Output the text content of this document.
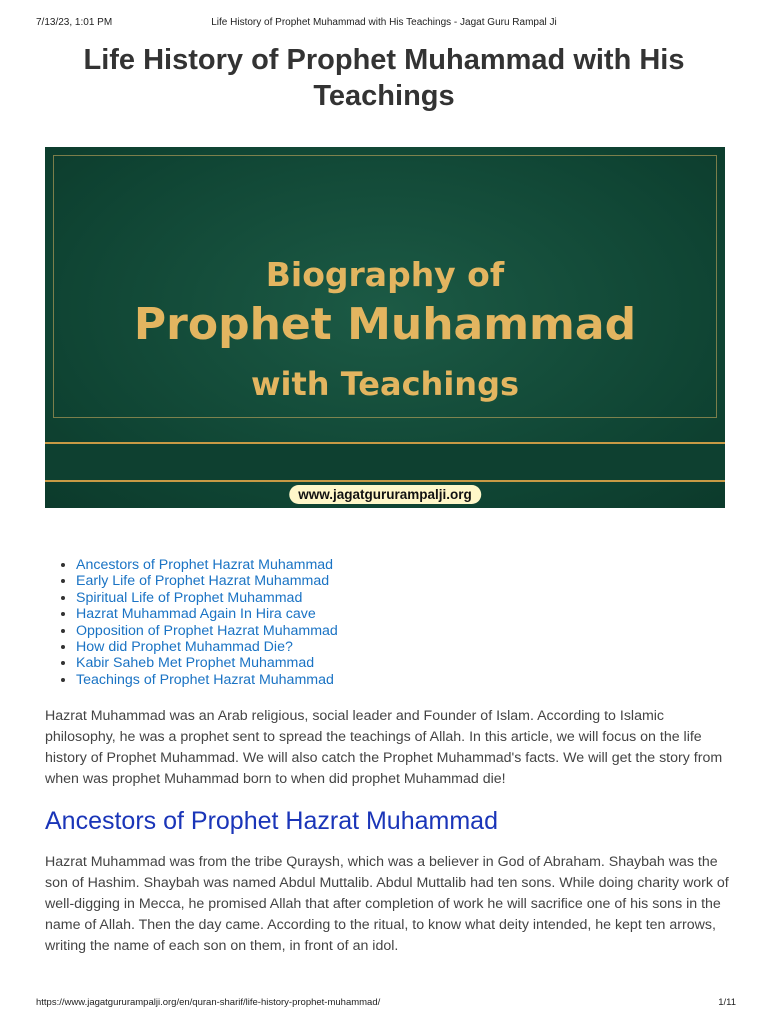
7/13/23, 1:01 PM	Life History of Prophet Muhammad with His Teachings - Jagat Guru Rampal Ji
Life History of Prophet Muhammad with His Teachings
Biography of
Prophet Muhammad
with Teachings
www.jagatgururampalji.org
• Ancestors of Prophet Hazrat Muhammad
• Early Life of Prophet Hazrat Muhammad
• Spiritual Life of Prophet Muhammad
• Hazrat Muhammad Again In Hira cave
• Opposition of Prophet Hazrat Muhammad
• How did Prophet Muhammad Die?
• Kabir Saheb Met Prophet Muhammad
• Teachings of Prophet Hazrat Muhammad

Hazrat Muhammad was an Arab religious, social leader and Founder of Islam. According to Islamic philosophy, he was a prophet sent to spread the teachings of Allah. In this article, we will focus on the life history of Prophet Muhammad. We will also catch the Prophet Muhammad's facts. We will get the story from when was prophet Muhammad born to when did prophet Muhammad die!

Ancestors of Prophet Hazrat Muhammad

Hazrat Muhammad was from the tribe Quraysh, which was a believer in God of Abraham. Shaybah was the son of Hashim. Shaybah was named Abdul Muttalib. Abdul Muttalib had ten sons. While doing charity work of well-digging in Mecca, he promised Allah that after completion of work he will sacrifice one of his sons in the name of Allah. Then the day came. According to the ritual, to know what deity intended, he kept ten arrows, writing the name of each son on them, in front of an idol.

https://www.jagatgururampalji.org/en/quran-sharif/life-history-prophet-muhammad/	1/11
